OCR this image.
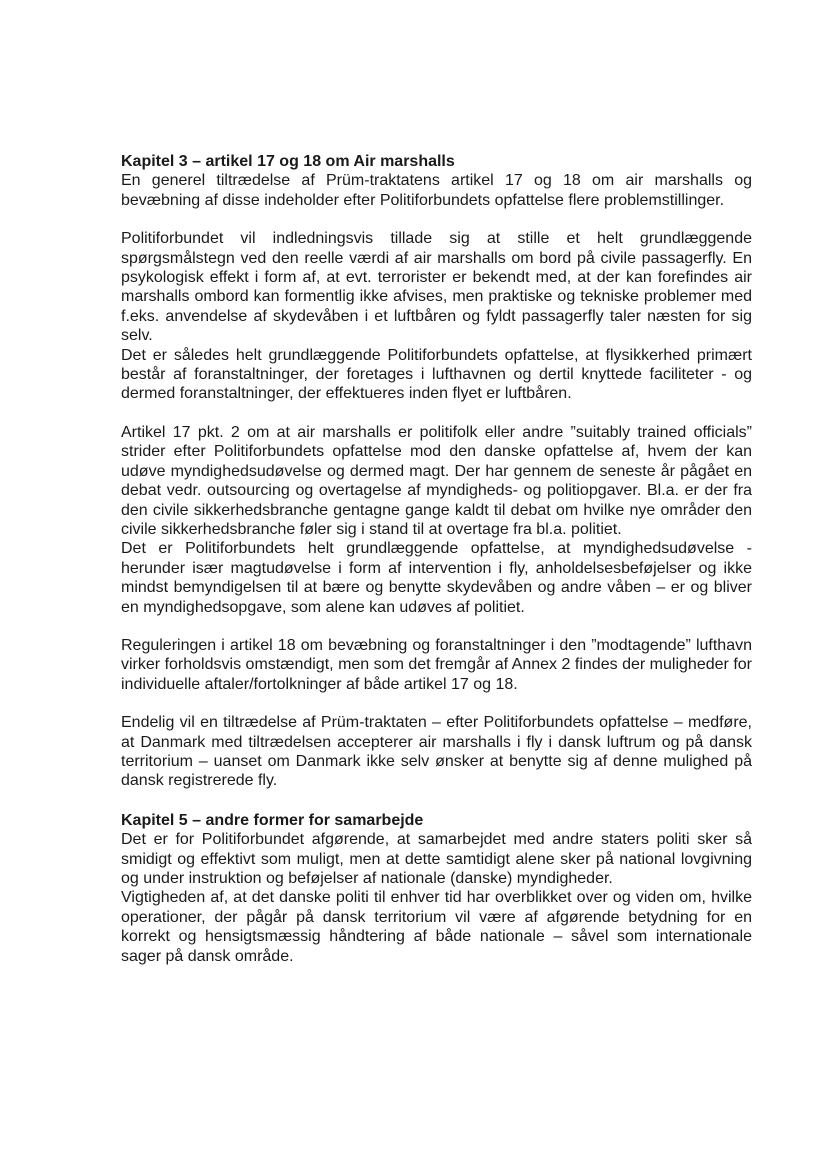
Kapitel 3 – artikel 17 og 18 om Air marshalls

En generel tiltrædelse af Prüm-traktatens artikel 17 og 18 om air marshalls og bevæbning af disse indeholder efter Politiforbundets opfattelse flere problemstillinger.

Politiforbundet vil indledningsvis tillade sig at stille et helt grundlæggende spørgsmålstegn ved den reelle værdi af air marshalls om bord på civile passagerfly. En psykologisk effekt i form af, at evt. terrorister er bekendt med, at der kan forefindes air marshalls ombord kan formentlig ikke afvises, men praktiske og tekniske problemer med f.eks. anvendelse af skydevåben i et luftbåren og fyldt passagerfly taler næsten for sig selv.

Det er således helt grundlæggende Politiforbundets opfattelse, at flysikkerhed primært består af foranstaltninger, der foretages i lufthavnen og dertil knyttede faciliteter - og dermed foranstaltninger, der effektueres inden flyet er luftbåren.

Artikel 17 pkt. 2 om at air marshalls er politifolk eller andre ”suitably trained officials” strider efter Politiforbundets opfattelse mod den danske opfattelse af, hvem der kan udøve myndighedsudøvelse og dermed magt. Der har gennem de seneste år pågået en debat vedr. outsourcing og overtagelse af myndigheds- og politiopgaver. Bl.a. er der fra den civile sikkerhedsbranche gentagne gange kaldt til debat om hvilke nye områder den civile sikkerhedsbranche føler sig i stand til at overtage fra bl.a. politiet.

Det er Politiforbundets helt grundlæggende opfattelse, at myndighedsudøvelse - herunder især magtudøvelse i form af intervention i fly, anholdelsesbeføjelser og ikke mindst bemyndigelsen til at bære og benytte skydevåben og andre våben – er og bliver en myndighedsopgave, som alene kan udøves af politiet.

Reguleringen i artikel 18 om bevæbning og foranstaltninger i den ”modtagende” lufthavn virker forholdsvis omstændigt, men som det fremgår af Annex 2 findes der muligheder for individuelle aftaler/fortolkninger af både artikel 17 og 18.

Endelig vil en tiltrædelse af Prüm-traktaten – efter Politiforbundets opfattelse – medføre, at Danmark med tiltrædelsen accepterer air marshalls i fly i dansk luftrum og på dansk territorium – uanset om Danmark ikke selv ønsker at benytte sig af denne mulighed på dansk registrerede fly.

Kapitel 5 – andre former for samarbejde

Det er for Politiforbundet afgørende, at samarbejdet med andre staters politi sker så smidigt og effektivt som muligt, men at dette samtidigt alene sker på national lovgivning og under instruktion og beføjelser af nationale (danske) myndigheder.

Vigtigheden af, at det danske politi til enhver tid har overblikket over og viden om, hvilke operationer, der pågår på dansk territorium vil være af afgørende betydning for en korrekt og hensigtsmæssig håndtering af både nationale – såvel som internationale sager på dansk område.
